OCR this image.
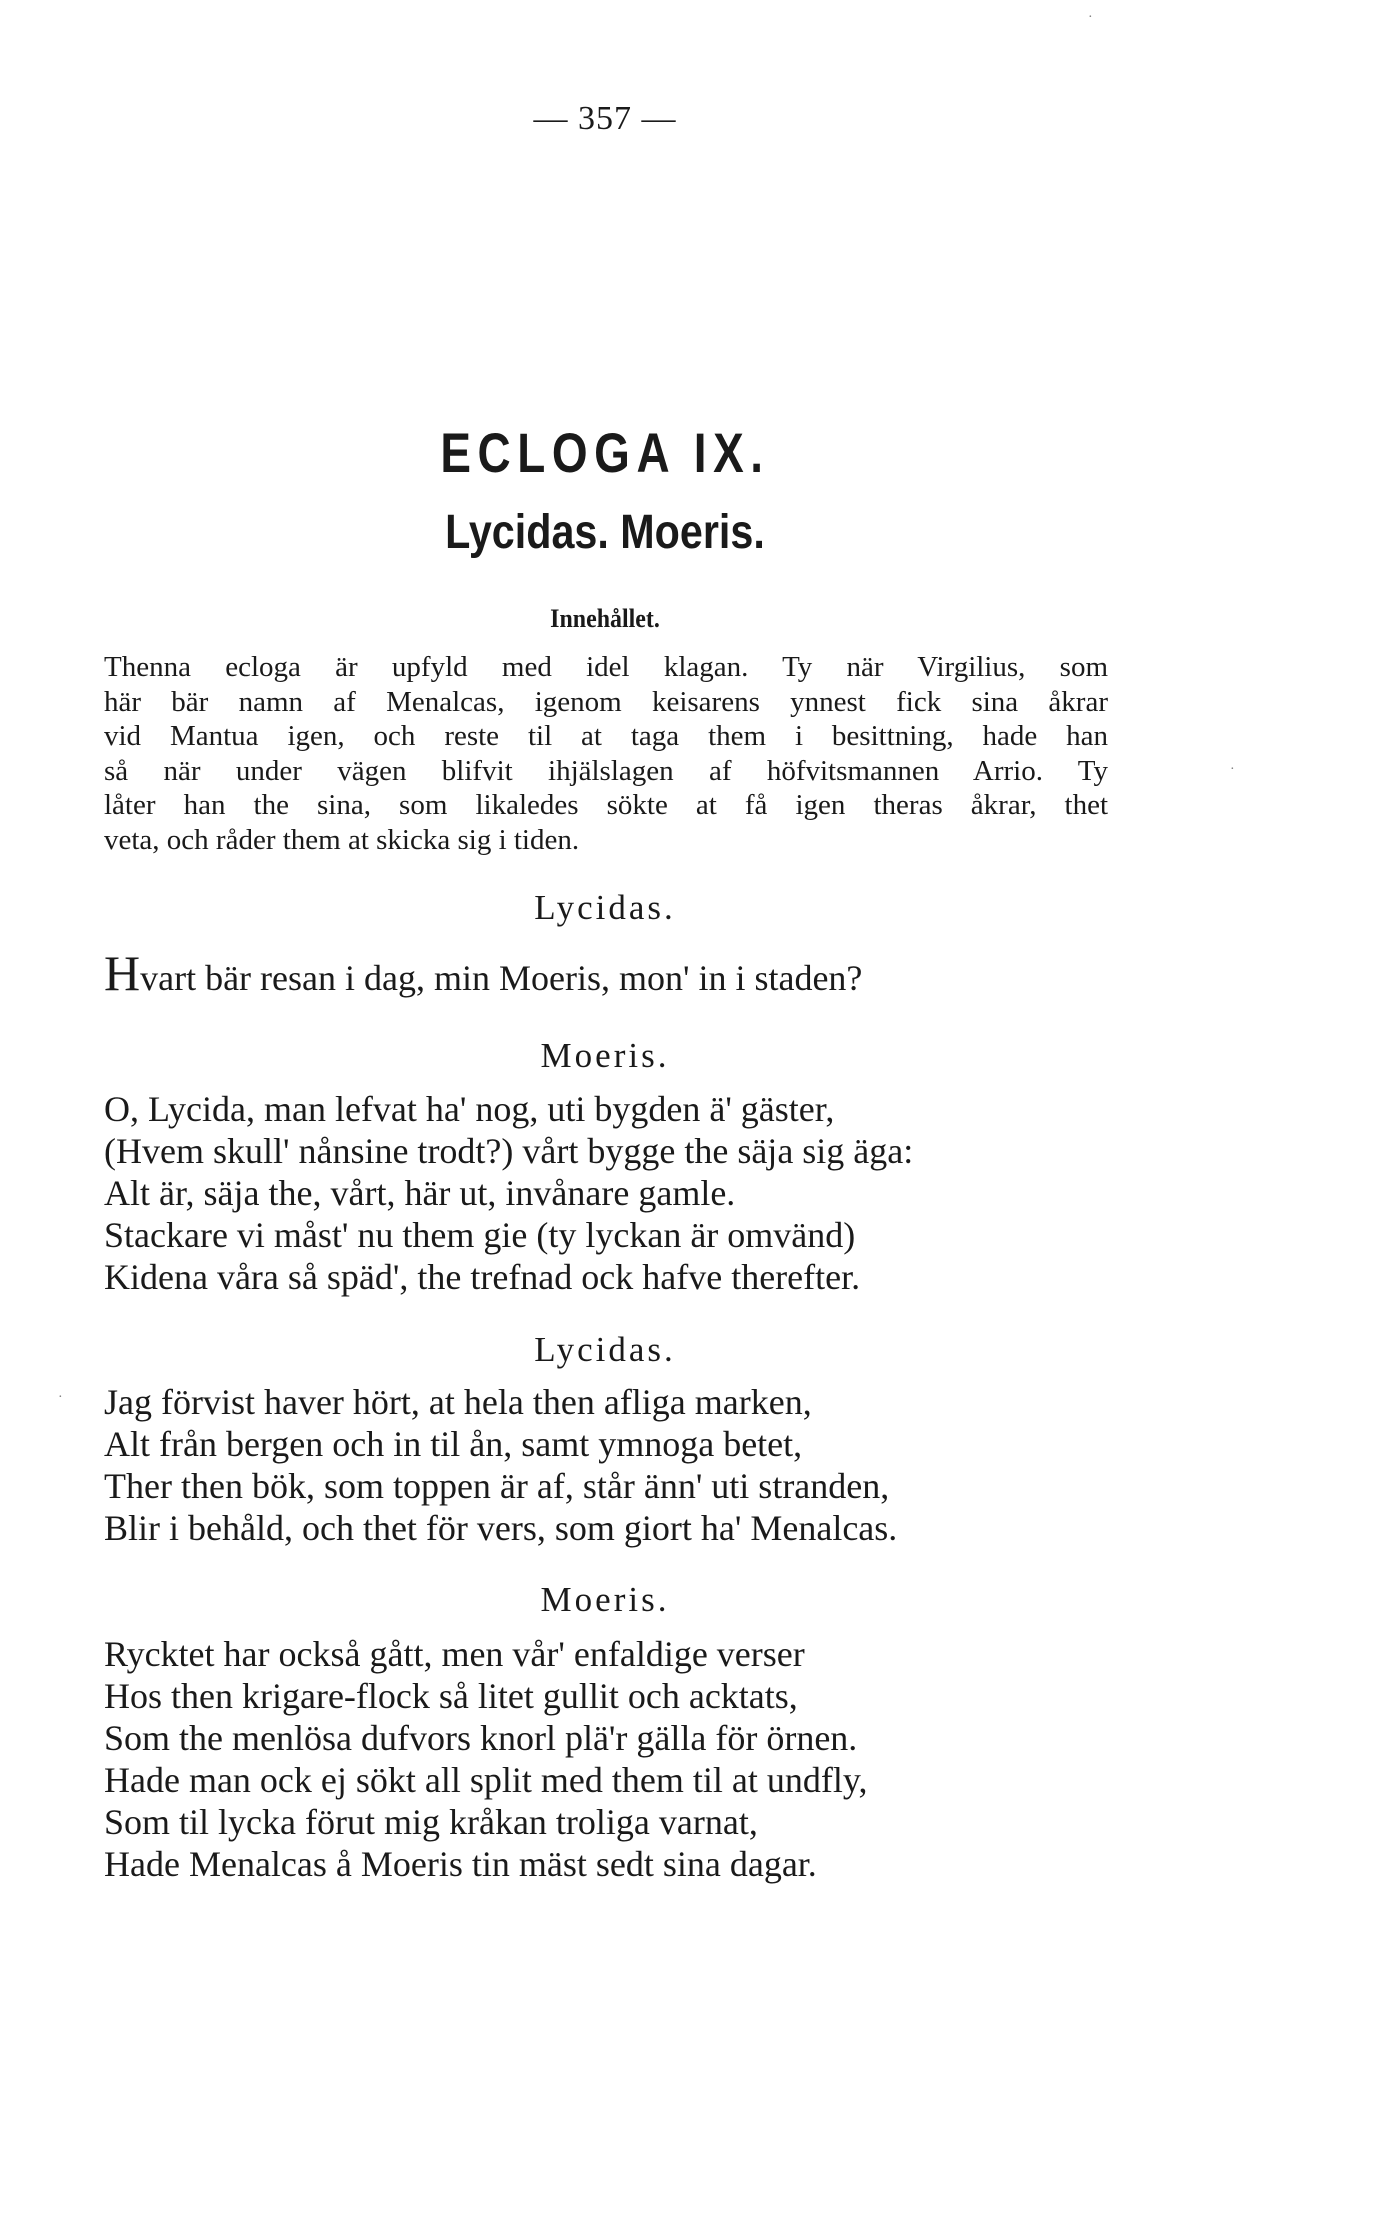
— 357 —
ECLOGA IX.
Lycidas. Moeris.
Innehållet.
Thenna ecloga är upfyld med idel klagan. Ty när Virgilius, som
här bär namn af Menalcas, igenom keisarens ynnest fick sina åkrar
vid Mantua igen, och reste til at taga them i besittning, hade han
så när under vägen blifvit ihjälslagen af höfvitsmannen Arrio. Ty
låter han the sina, som likaledes sökte at få igen theras åkrar, thet
veta, och råder them at skicka sig i tiden.
Lycidas.
Hvart bär resan i dag, min Moeris, mon' in i staden?
Moeris.
O, Lycida, man lefvat ha' nog, uti bygden ä' gäster,
(Hvem skull' nånsine trodt?) vårt bygge the säja sig äga:
Alt är, säja the, vårt, här ut, invånare gamle.
Stackare vi måst' nu them gie (ty lyckan är omvänd)
Kidena våra så späd', the trefnad ock hafve therefter.
Lycidas.
Jag förvist haver hört, at hela then afliga marken,
Alt från bergen och in til ån, samt ymnoga betet,
Ther then bök, som toppen är af, står änn' uti stranden,
Blir i behåld, och thet för vers, som giort ha' Menalcas.
Moeris.
Rycktet har också gått, men vår' enfaldige verser
Hos then krigare-flock så litet gullit och acktats,
Som the menlösa dufvors knorl plä'r gälla för örnen.
Hade man ock ej sökt all split med them til at undfly,
Som til lycka förut mig kråkan troliga varnat,
Hade Menalcas å Moeris tin mäst sedt sina dagar.
·
·
·
